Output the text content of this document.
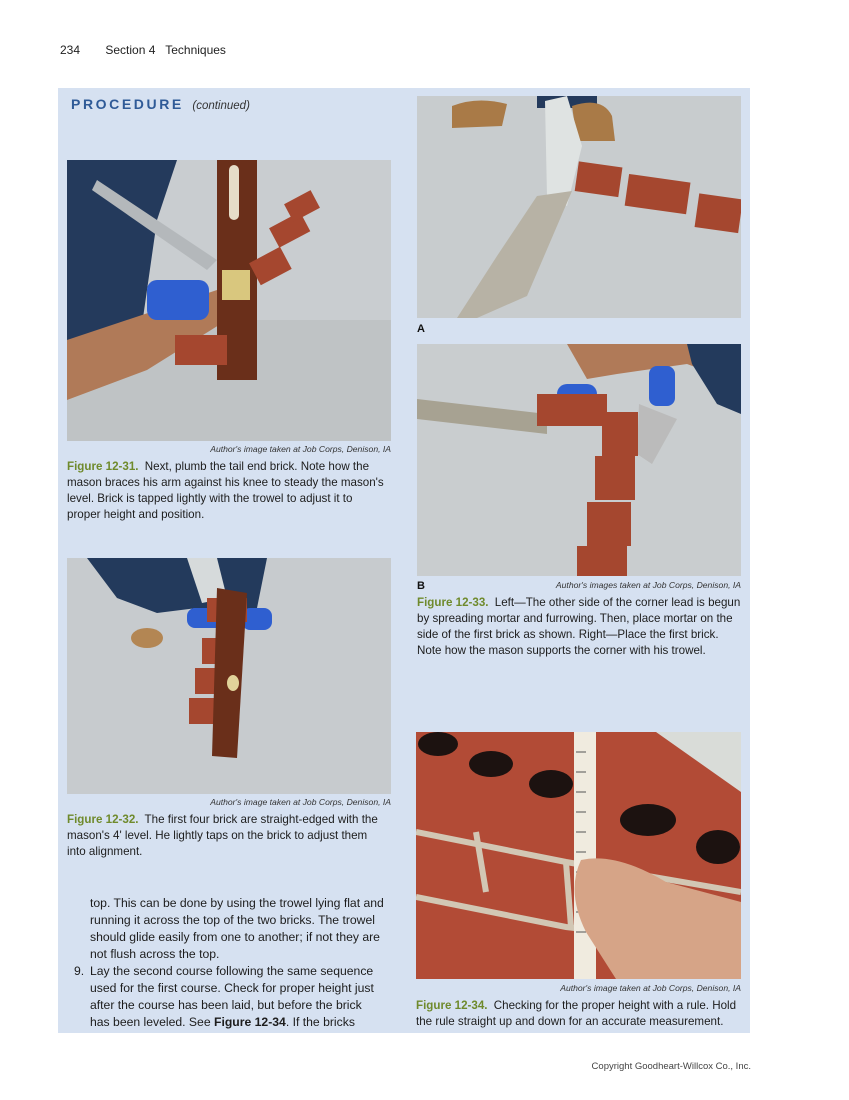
234 Section 4 Techniques
PROCEDURE (continued)
Author's image taken at Job Corps, Denison, IA
Figure 12-31. Next, plumb the tail end brick. Note how the mason braces his arm against his knee to steady the mason's level. Brick is tapped lightly with the trowel to adjust it to proper height and position.
Author's image taken at Job Corps, Denison, IA
Figure 12-32. The first four brick are straight-edged with the mason's 4' level. He lightly taps on the brick to adjust them into alignment.
A
B	Author's images taken at Job Corps, Denison, IA
Figure 12-33. Left—The other side of the corner lead is begun by spreading mortar and furrowing. Then, place mortar on the side of the first brick as shown. Right—Place the first brick. Note how the mason supports the corner with his trowel.
Author's image taken at Job Corps, Denison, IA
Figure 12-34. Checking for the proper height with a rule. Hold the rule straight up and down for an accurate measurement.

top. This can be done by using the trowel lying flat and running it across the top of the two bricks. The trowel should glide easily from one to another; if not they are not flush across the top.

9. Lay the second course following the same sequence used for the first course. Check for proper height just after the course has been laid, but before the brick has been leveled. See Figure 12-34. If the bricks
Copyright Goodheart-Willcox Co., Inc.
